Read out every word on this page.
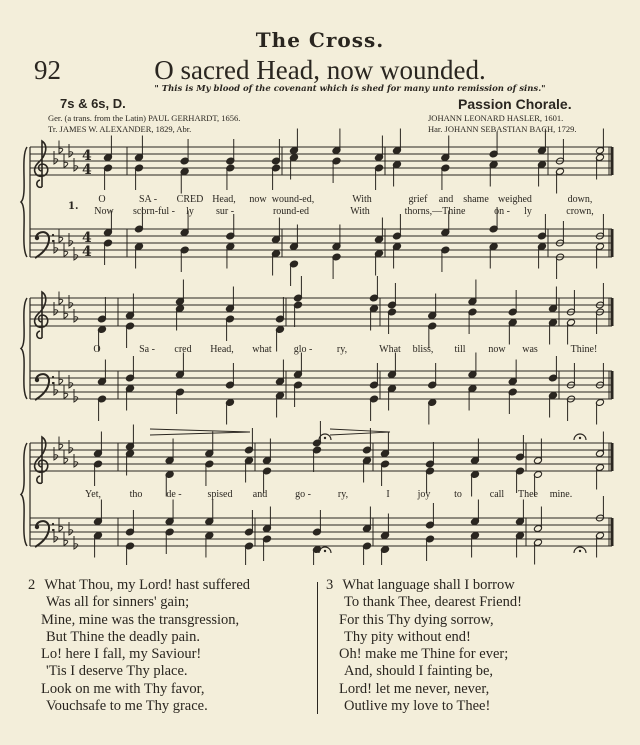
The Cross.
92	O sacred Head, now wounded.
" This is My blood of the covenant which is shed for many unto remission of sins."
7s & 6s, D.	Passion Chorale.
Ger. (a trans. from the Latin) PAUL GERHARDT, 1656.
Tr. JAMES W. ALEXANDER, 1829, Abr.
JOHANN LEONARD HASLER, 1601.
Har. JOHANN SEBASTIAN BACH, 1729.
4
4
4
4
1.
O	SA - CRED Head, now wound-ed,	With	grief and shame weighed	down,
Now scorn-ful - ly sur -	round-ed	With	thorns,—Thine	on - ly	crown,
O	Sa - cred Head, what glo - ry,	What bliss, till now was	Thine!
Yet,	tho de -	spised and	go -	ry,	I	joy to	call Thee mine.
2 What Thou, my Lord! hast suffered
Was all for sinners' gain;
Mine, mine was the transgression,
But Thine the deadly pain.
Lo! here I fall, my Saviour!
'Tis I deserve Thy place.
Look on me with Thy favor,
Vouchsafe to me Thy grace.
3 What language shall I borrow
To thank Thee, dearest Friend!
For this Thy dying sorrow,
Thy pity without end!
Oh! make me Thine for ever;
And, should I fainting be,
Lord! let me never, never,
Outlive my love to Thee!
